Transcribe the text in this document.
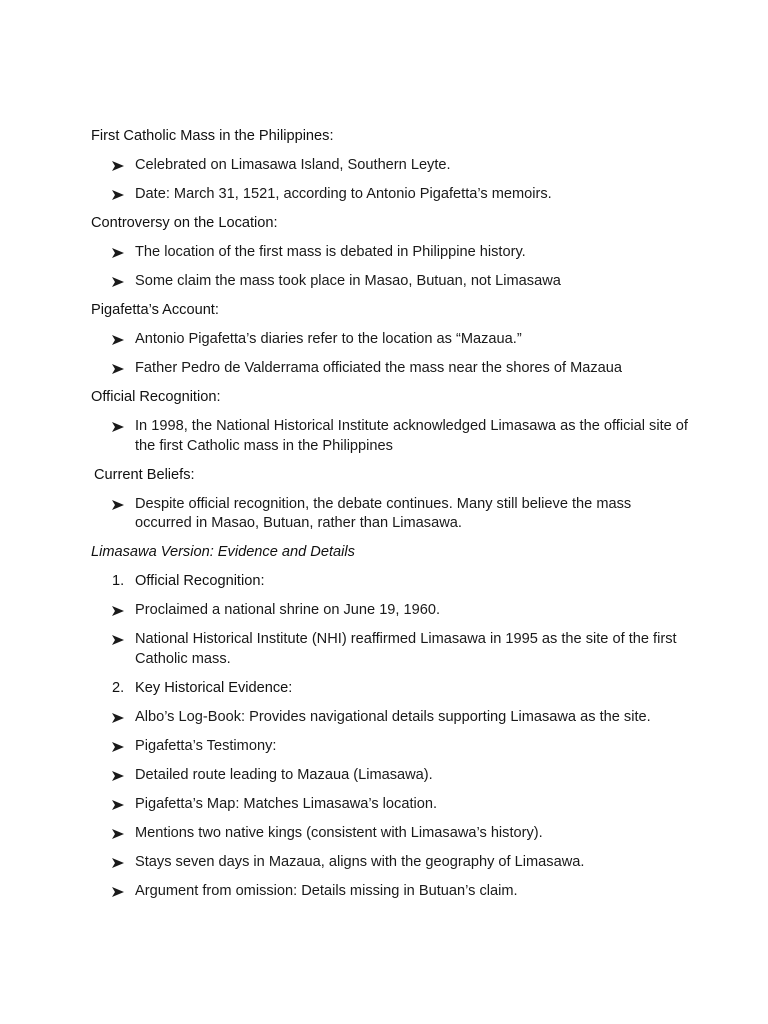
First Catholic Mass in the Philippines:
Celebrated on Limasawa Island, Southern Leyte.
Date: March 31, 1521, according to Antonio Pigafetta’s memoirs.
Controversy on the Location:
The location of the first mass is debated in Philippine history.
Some claim the mass took place in Masao, Butuan, not Limasawa
Pigafetta’s Account:
Antonio Pigafetta’s diaries refer to the location as “Mazaua.”
Father Pedro de Valderrama officiated the mass near the shores of Mazaua
Official Recognition:
In 1998, the National Historical Institute acknowledged Limasawa as the official site of the first Catholic mass in the Philippines
Current Beliefs:
Despite official recognition, the debate continues. Many still believe the mass occurred in Masao, Butuan, rather than Limasawa.
Limasawa Version: Evidence and Details
1. Official Recognition:
Proclaimed a national shrine on June 19, 1960.
National Historical Institute (NHI) reaffirmed Limasawa in 1995 as the site of the first Catholic mass.
2. Key Historical Evidence:
Albo’s Log-Book: Provides navigational details supporting Limasawa as the site.
Pigafetta’s Testimony:
Detailed route leading to Mazaua (Limasawa).
Pigafetta’s Map: Matches Limasawa’s location.
Mentions two native kings (consistent with Limasawa’s history).
Stays seven days in Mazaua, aligns with the geography of Limasawa.
Argument from omission: Details missing in Butuan’s claim.
